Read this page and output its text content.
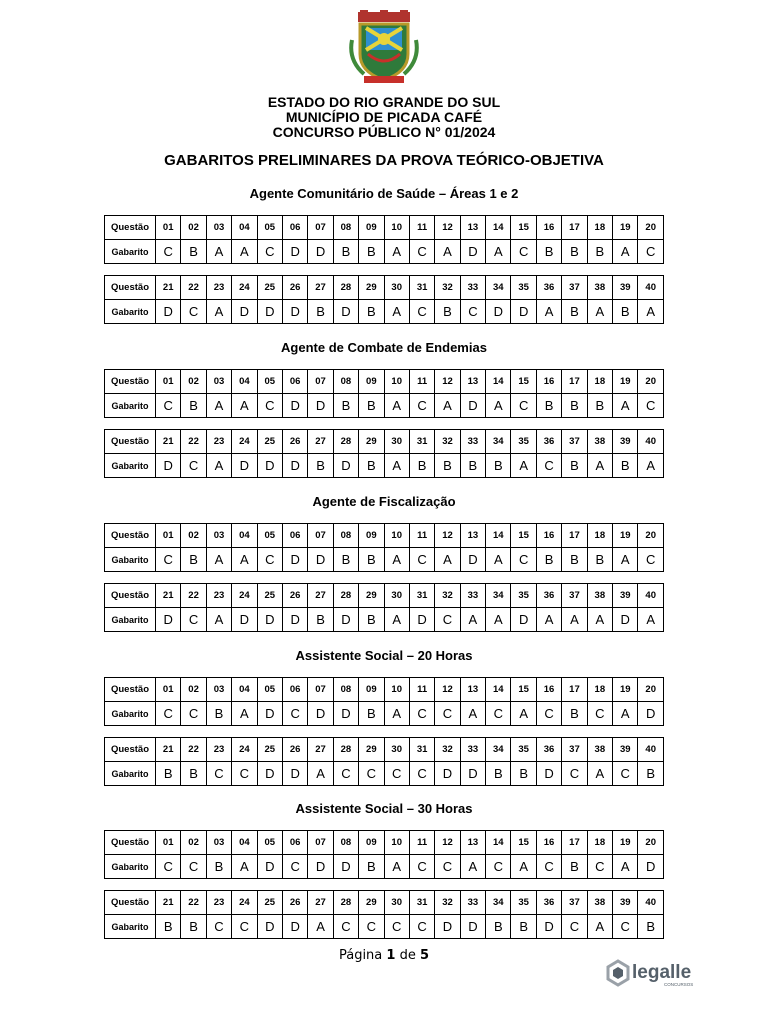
ESTADO DO RIO GRANDE DO SUL
MUNICÍPIO DE PICADA CAFÉ
CONCURSO PÚBLICO N° 01/2024
GABARITOS PRELIMINARES DA PROVA TEÓRICO-OBJETIVA
Agente Comunitário de Saúde – Áreas 1 e 2
Questão	01	02	03	04	05	06	07	08	09	10	11	12	13	14	15	16	17	18	19	20
Gabarito	C	B	A	A	C	D	D	B	B	A	C	A	D	A	C	B	B	B	A	C
Questão	21	22	23	24	25	26	27	28	29	30	31	32	33	34	35	36	37	38	39	40
Gabarito	D	C	A	D	D	D	B	D	B	A	C	B	C	D	D	A	B	A	B	A
Agente de Combate de Endemias
Questão	01	02	03	04	05	06	07	08	09	10	11	12	13	14	15	16	17	18	19	20
Gabarito	C	B	A	A	C	D	D	B	B	A	C	A	D	A	C	B	B	B	A	C
Questão	21	22	23	24	25	26	27	28	29	30	31	32	33	34	35	36	37	38	39	40
Gabarito	D	C	A	D	D	D	B	D	B	A	B	B	B	B	A	C	B	A	B	A
Agente de Fiscalização
Questão	01	02	03	04	05	06	07	08	09	10	11	12	13	14	15	16	17	18	19	20
Gabarito	C	B	A	A	C	D	D	B	B	A	C	A	D	A	C	B	B	B	A	C
Questão	21	22	23	24	25	26	27	28	29	30	31	32	33	34	35	36	37	38	39	40
Gabarito	D	C	A	D	D	D	B	D	B	A	D	C	A	A	D	A	A	A	D	A
Assistente Social – 20 Horas
Questão	01	02	03	04	05	06	07	08	09	10	11	12	13	14	15	16	17	18	19	20
Gabarito	C	C	B	A	D	C	D	D	B	A	C	C	A	C	A	C	B	C	A	D
Questão	21	22	23	24	25	26	27	28	29	30	31	32	33	34	35	36	37	38	39	40
Gabarito	B	B	C	C	D	D	A	C	C	C	C	D	D	B	B	D	C	A	C	B
Assistente Social – 30 Horas
Questão	01	02	03	04	05	06	07	08	09	10	11	12	13	14	15	16	17	18	19	20
Gabarito	C	C	B	A	D	C	D	D	B	A	C	C	A	C	A	C	B	C	A	D
Questão	21	22	23	24	25	26	27	28	29	30	31	32	33	34	35	36	37	38	39	40
Gabarito	B	B	C	C	D	D	A	C	C	C	C	D	D	B	B	D	C	A	C	B
Página 1 de 5
legalle
CONCURSOS
